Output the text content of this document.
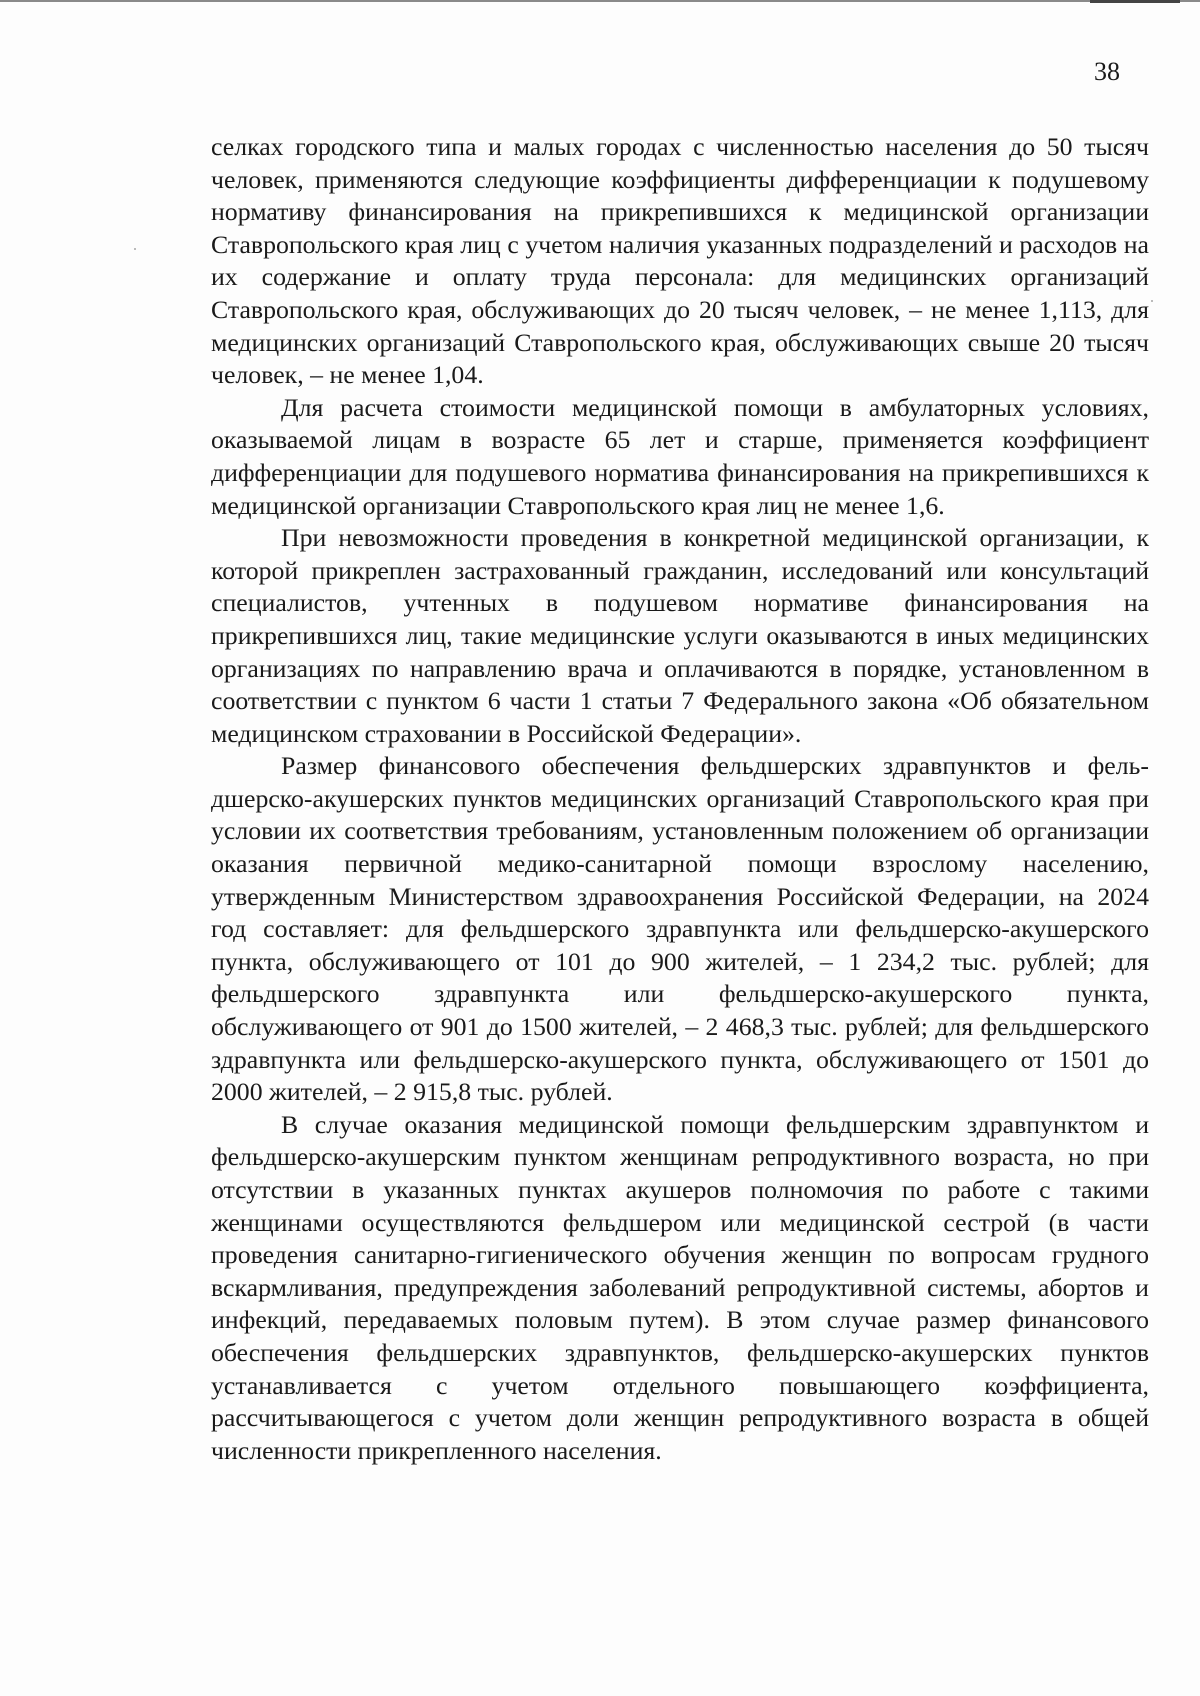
38

селках городского типа и малых городах с численностью населения до 50 тысяч человек, применяются следующие коэффициенты дифференциации к подушевому нормативу финансирования на прикрепившихся к медицинской организации Ставропольского края лиц с учетом наличия указанных подразделений и расходов на их содержание и оплату труда персонала: для медицинских организаций Ставропольского края, обслуживающих до 20 тысяч человек, – не менее 1,113, для медицинских организаций Ставропольского края, обслуживающих свыше 20 тысяч человек, – не менее 1,04.

Для расчета стоимости медицинской помощи в амбулаторных условиях, оказываемой лицам в возрасте 65 лет и старше, применяется коэффициент дифференциации для подушевого норматива финансирования на прикрепившихся к медицинской организации Ставропольского края лиц не менее 1,6.

При невозможности проведения в конкретной медицинской организации, к которой прикреплен застрахованный гражданин, исследований или консультаций специалистов, учтенных в подушевом нормативе финансирования на прикрепившихся лиц, такие медицинские услуги оказываются в иных медицинских организациях по направлению врача и оплачиваются в порядке, установленном в соответствии с пунктом 6 части 1 статьи 7 Федерального закона «Об обязательном медицинском страховании в Российской Федерации».

Размер финансового обеспечения фельдшерских здравпунктов и фельдшерско-акушерских пунктов медицинских организаций Ставропольского края при условии их соответствия требованиям, установленным положением об организации оказания первичной медико-санитарной помощи взрослому населению, утвержденным Министерством здравоохранения Российской Федерации, на 2024 год составляет: для фельдшерского здравпункта или фельдшерско-акушерского пункта, обслуживающего от 101 до 900 жителей, – 1 234,2 тыс. рублей; для фельдшерского здравпункта или фельдшерско-акушерского пункта, обслуживающего от 901 до 1500 жителей, – 2 468,3 тыс. рублей; для фельдшерского здравпункта или фельдшерско-акушерского пункта, обслуживающего от 1501 до 2000 жителей, – 2 915,8 тыс. рублей.

В случае оказания медицинской помощи фельдшерским здравпунктом и фельдшерско-акушерским пунктом женщинам репродуктивного возраста, но при отсутствии в указанных пунктах акушеров полномочия по работе с такими женщинами осуществляются фельдшером или медицинской сестрой (в части проведения санитарно-гигиенического обучения женщин по вопросам грудного вскармливания, предупреждения заболеваний репродуктивной системы, абортов и инфекций, передаваемых половым путем). В этом случае размер финансового обеспечения фельдшерских здравпунктов, фельдшерско-акушерских пунктов устанавливается с учетом отдельного повышающего коэффициента, рассчитывающегося с учетом доли женщин репродуктивного возраста в общей численности прикрепленного населения.
